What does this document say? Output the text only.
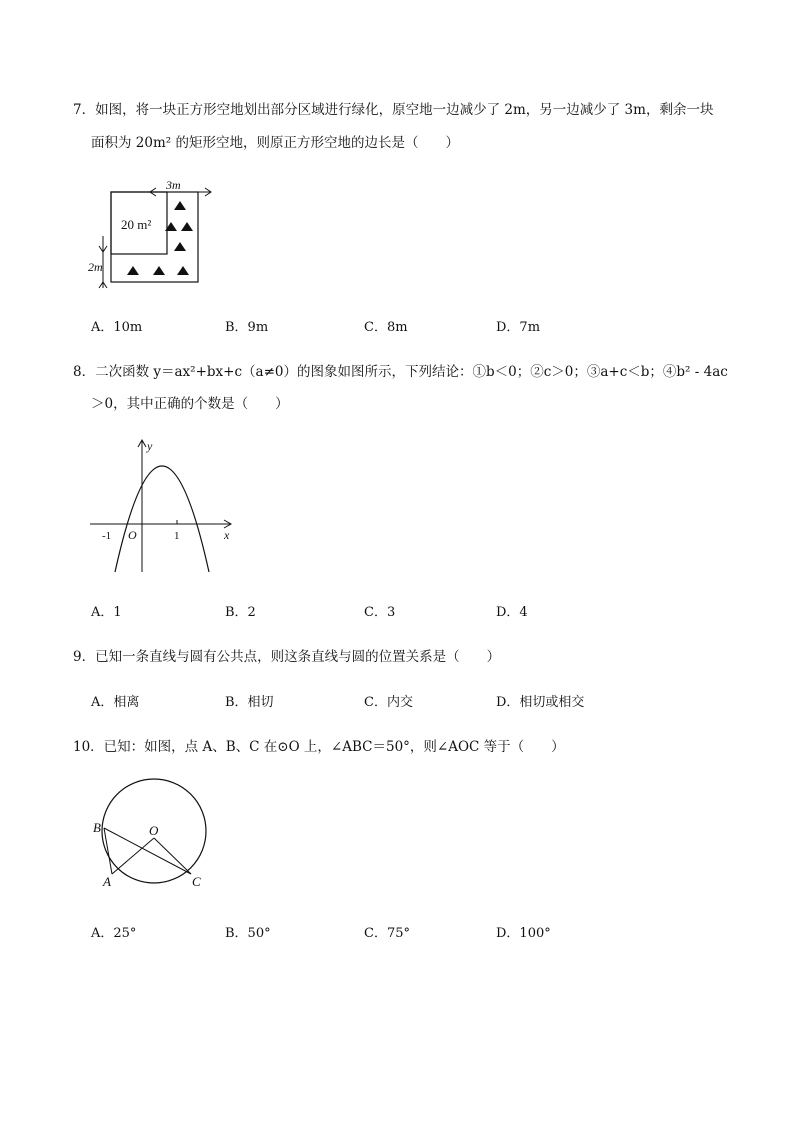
7．如图，将一块正方形空地划出部分区域进行绿化，原空地一边减少了 2m，另一边减少了 3m，剩余一块
面积为 20m² 的矩形空地，则原正方形空地的边长是（　　）
20 m²
3m
2m
A．10m	B．9m	C．8m	D．7m
8．二次函数 y＝ax²+bx+c（a≠0）的图象如图所示，下列结论：①b＜0；②c＞0；③a+c＜b；④b² - 4ac
＞0，其中正确的个数是（　　）
y
x
-1 O	1
A．1	B．2	C．3	D．4
9．已知一条直线与圆有公共点，则这条直线与圆的位置关系是（　　）
A．相离	B．相切	C．内交	D．相切或相交
10．已知：如图，点 A、B、C 在⊙O 上，∠ABC＝50°，则∠AOC 等于（　　）
B	O
A	C
A．25°	B．50°	C．75°	D．100°
